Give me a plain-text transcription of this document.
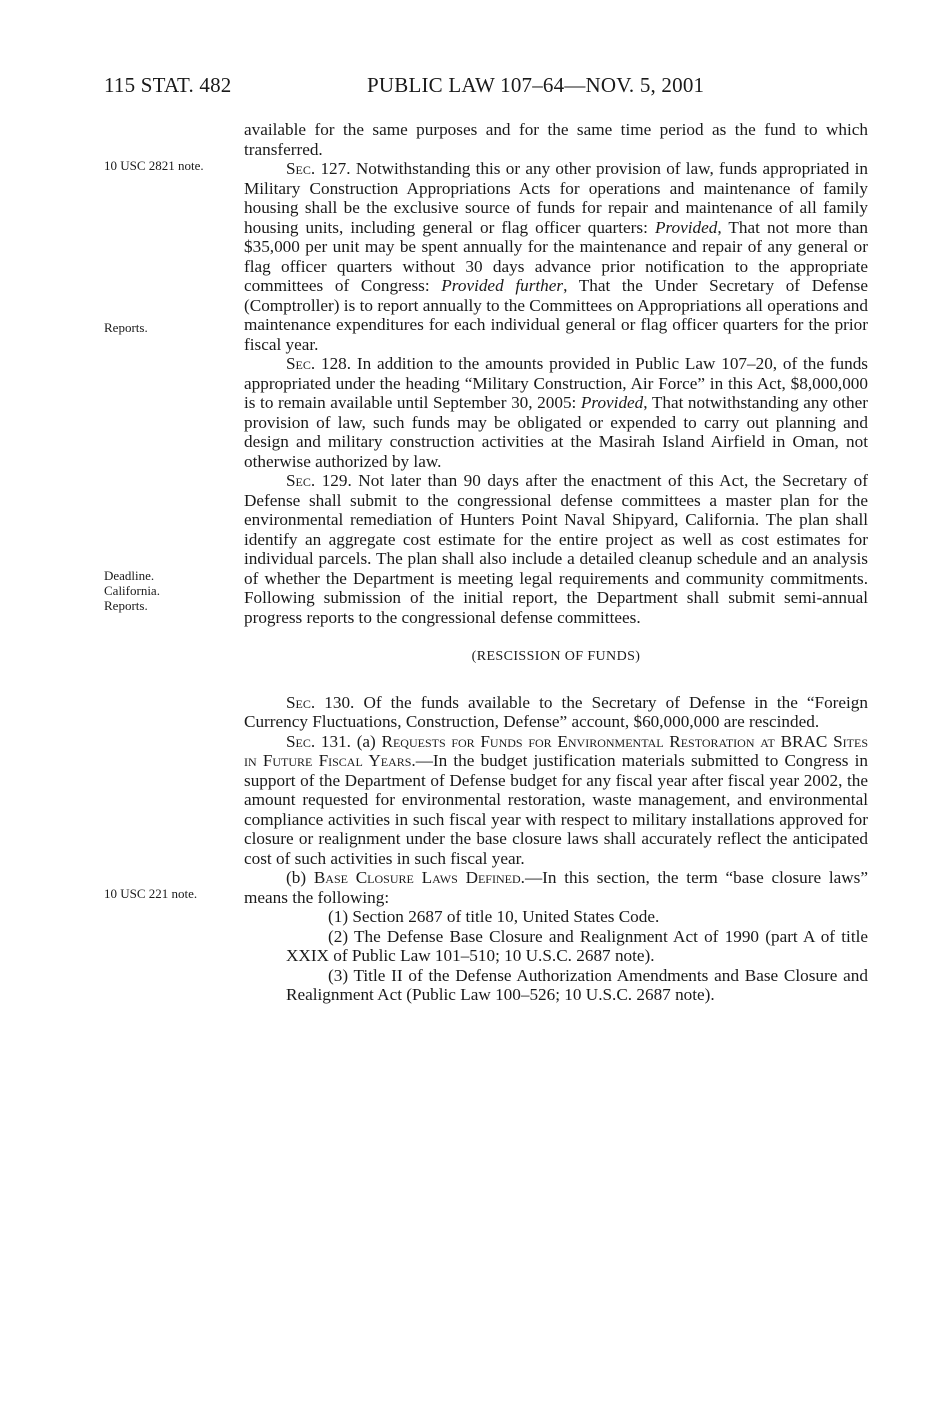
115 STAT. 482	PUBLIC LAW 107–64—NOV. 5, 2001
10 USC 2821 note.
Reports.
Deadline. California. Reports.
10 USC 221 note.

available for the same purposes and for the same time period as the fund to which transferred.

Sec. 127. Notwithstanding this or any other provision of law, funds appropriated in Military Construction Appropriations Acts for operations and maintenance of family housing shall be the exclusive source of funds for repair and maintenance of all family housing units, including general or flag officer quarters: Provided, That not more than $35,000 per unit may be spent annually for the maintenance and repair of any general or flag officer quarters without 30 days advance prior notification to the appropriate committees of Congress: Provided further, That the Under Secretary of Defense (Comptroller) is to report annually to the Committees on Appropriations all operations and maintenance expenditures for each individual general or flag officer quarters for the prior fiscal year.

Sec. 128. In addition to the amounts provided in Public Law 107–20, of the funds appropriated under the heading “Military Construction, Air Force” in this Act, $8,000,000 is to remain available until September 30, 2005: Provided, That notwithstanding any other provision of law, such funds may be obligated or expended to carry out planning and design and military construction activities at the Masirah Island Airfield in Oman, not otherwise authorized by law.

Sec. 129. Not later than 90 days after the enactment of this Act, the Secretary of Defense shall submit to the congressional defense committees a master plan for the environmental remediation of Hunters Point Naval Shipyard, California. The plan shall identify an aggregate cost estimate for the entire project as well as cost estimates for individual parcels. The plan shall also include a detailed cleanup schedule and an analysis of whether the Department is meeting legal requirements and community commitments. Following submission of the initial report, the Department shall submit semi-annual progress reports to the congressional defense committees.

(RESCISSION OF FUNDS)

Sec. 130. Of the funds available to the Secretary of Defense in the “Foreign Currency Fluctuations, Construction, Defense” account, $60,000,000 are rescinded.

Sec. 131. (a) Requests for Funds for Environmental Restoration at BRAC Sites in Future Fiscal Years.—In the budget justification materials submitted to Congress in support of the Department of Defense budget for any fiscal year after fiscal year 2002, the amount requested for environmental restoration, waste management, and environmental compliance activities in such fiscal year with respect to military installations approved for closure or realignment under the base closure laws shall accurately reflect the anticipated cost of such activities in such fiscal year.

(b) Base Closure Laws Defined.—In this section, the term “base closure laws” means the following:

(1) Section 2687 of title 10, United States Code.

(2) The Defense Base Closure and Realignment Act of 1990 (part A of title XXIX of Public Law 101–510; 10 U.S.C. 2687 note).

(3) Title II of the Defense Authorization Amendments and Base Closure and Realignment Act (Public Law 100–526; 10 U.S.C. 2687 note).
